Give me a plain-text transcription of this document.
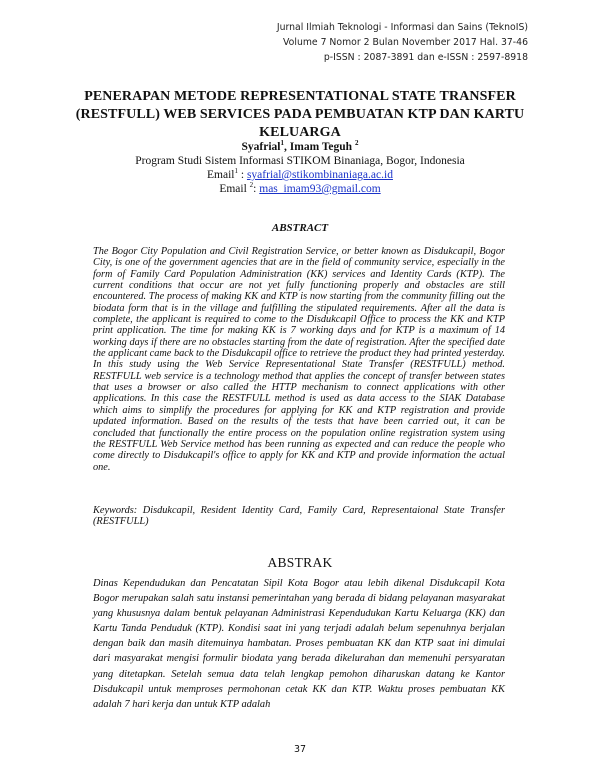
Jurnal Ilmiah Teknologi - Informasi dan Sains (TeknoIS)
Volume 7 Nomor 2 Bulan November 2017 Hal. 37-46
p-ISSN : 2087-3891 dan e-ISSN : 2597-8918
PENERAPAN METODE REPRESENTATIONAL STATE TRANSFER (RESTFULL) WEB SERVICES PADA PEMBUATAN KTP DAN KARTU KELUARGA
Syafrial$^1$, Imam Teguh $^2$
Program Studi Sistem Informasi STIKOM Binaniaga, Bogor, Indonesia
Email$^1$ : syafrial@stikombinaniaga.ac.id
Email $^2$: mas_imam93@gmail.com
ABSTRACT

The Bogor City Population and Civil Registration Service, or better known as Disdukcapil, Bogor City, is one of the government agencies that are in the field of community service, especially in the form of Family Card Population Administration (KK) services and Identity Cards (KTP). The current conditions that occur are not yet fully functioning properly and obstacles are still encountered. The process of making KK and KTP is now starting from the community filling out the biodata form that is in the village and fulfilling the stipulated requirements. After all the data is complete, the applicant is required to come to the Disdukcapil Office to process the KK and KTP print application. The time for making KK is 7 working days and for KTP is a maximum of 14 working days if there are no obstacles starting from the date of registration. After the specified date the applicant came back to the Disdukcapil office to retrieve the product they had printed yesterday. In this study using the Web Service Representational State Transfer (RESTFULL) method. RESTFULL web service is a technology method that applies the concept of transfer between states that uses a browser or also called the HTTP mechanism to connect applications with other applications. In this case the RESTFULL method is used as data access to the SIAK Database which aims to simplify the procedures for applying for KK and KTP registration and provide updated information. Based on the results of the tests that have been carried out, it can be concluded that functionally the entire process on the population online registration system using the RESTFULL Web Service method has been running as expected and can reduce the people who come directly to Disdukcapil's office to apply for KK and KTP and provide information the actual one.

Keywords: Disdukcapil, Resident Identity Card, Family Card, Representaional State Transfer (RESTFULL)

ABSTRAK

Dinas Kependudukan dan Pencatatan Sipil Kota Bogor atau lebih dikenal Disdukcapil Kota Bogor merupakan salah satu instansi pemerintahan yang berada di bidang pelayanan masyarakat yang khususnya dalam bentuk pelayanan Administrasi Kependudukan Kartu Keluarga (KK) dan Kartu Tanda Penduduk (KTP). Kondisi saat ini yang terjadi adalah belum sepenuhnya berjalan dengan baik dan masih ditemuinya hambatan. Proses pembuatan KK dan KTP saat ini dimulai dari masyarakat mengisi formulir biodata yang berada dikelurahan dan memenuhi persyaratan yang ditetapkan. Setelah semua data telah lengkap pemohon diharuskan datang ke Kantor Disdukcapil untuk memproses permohonan cetak KK dan KTP. Waktu proses pembuatan KK adalah 7 hari kerja dan untuk KTP adalah

37
